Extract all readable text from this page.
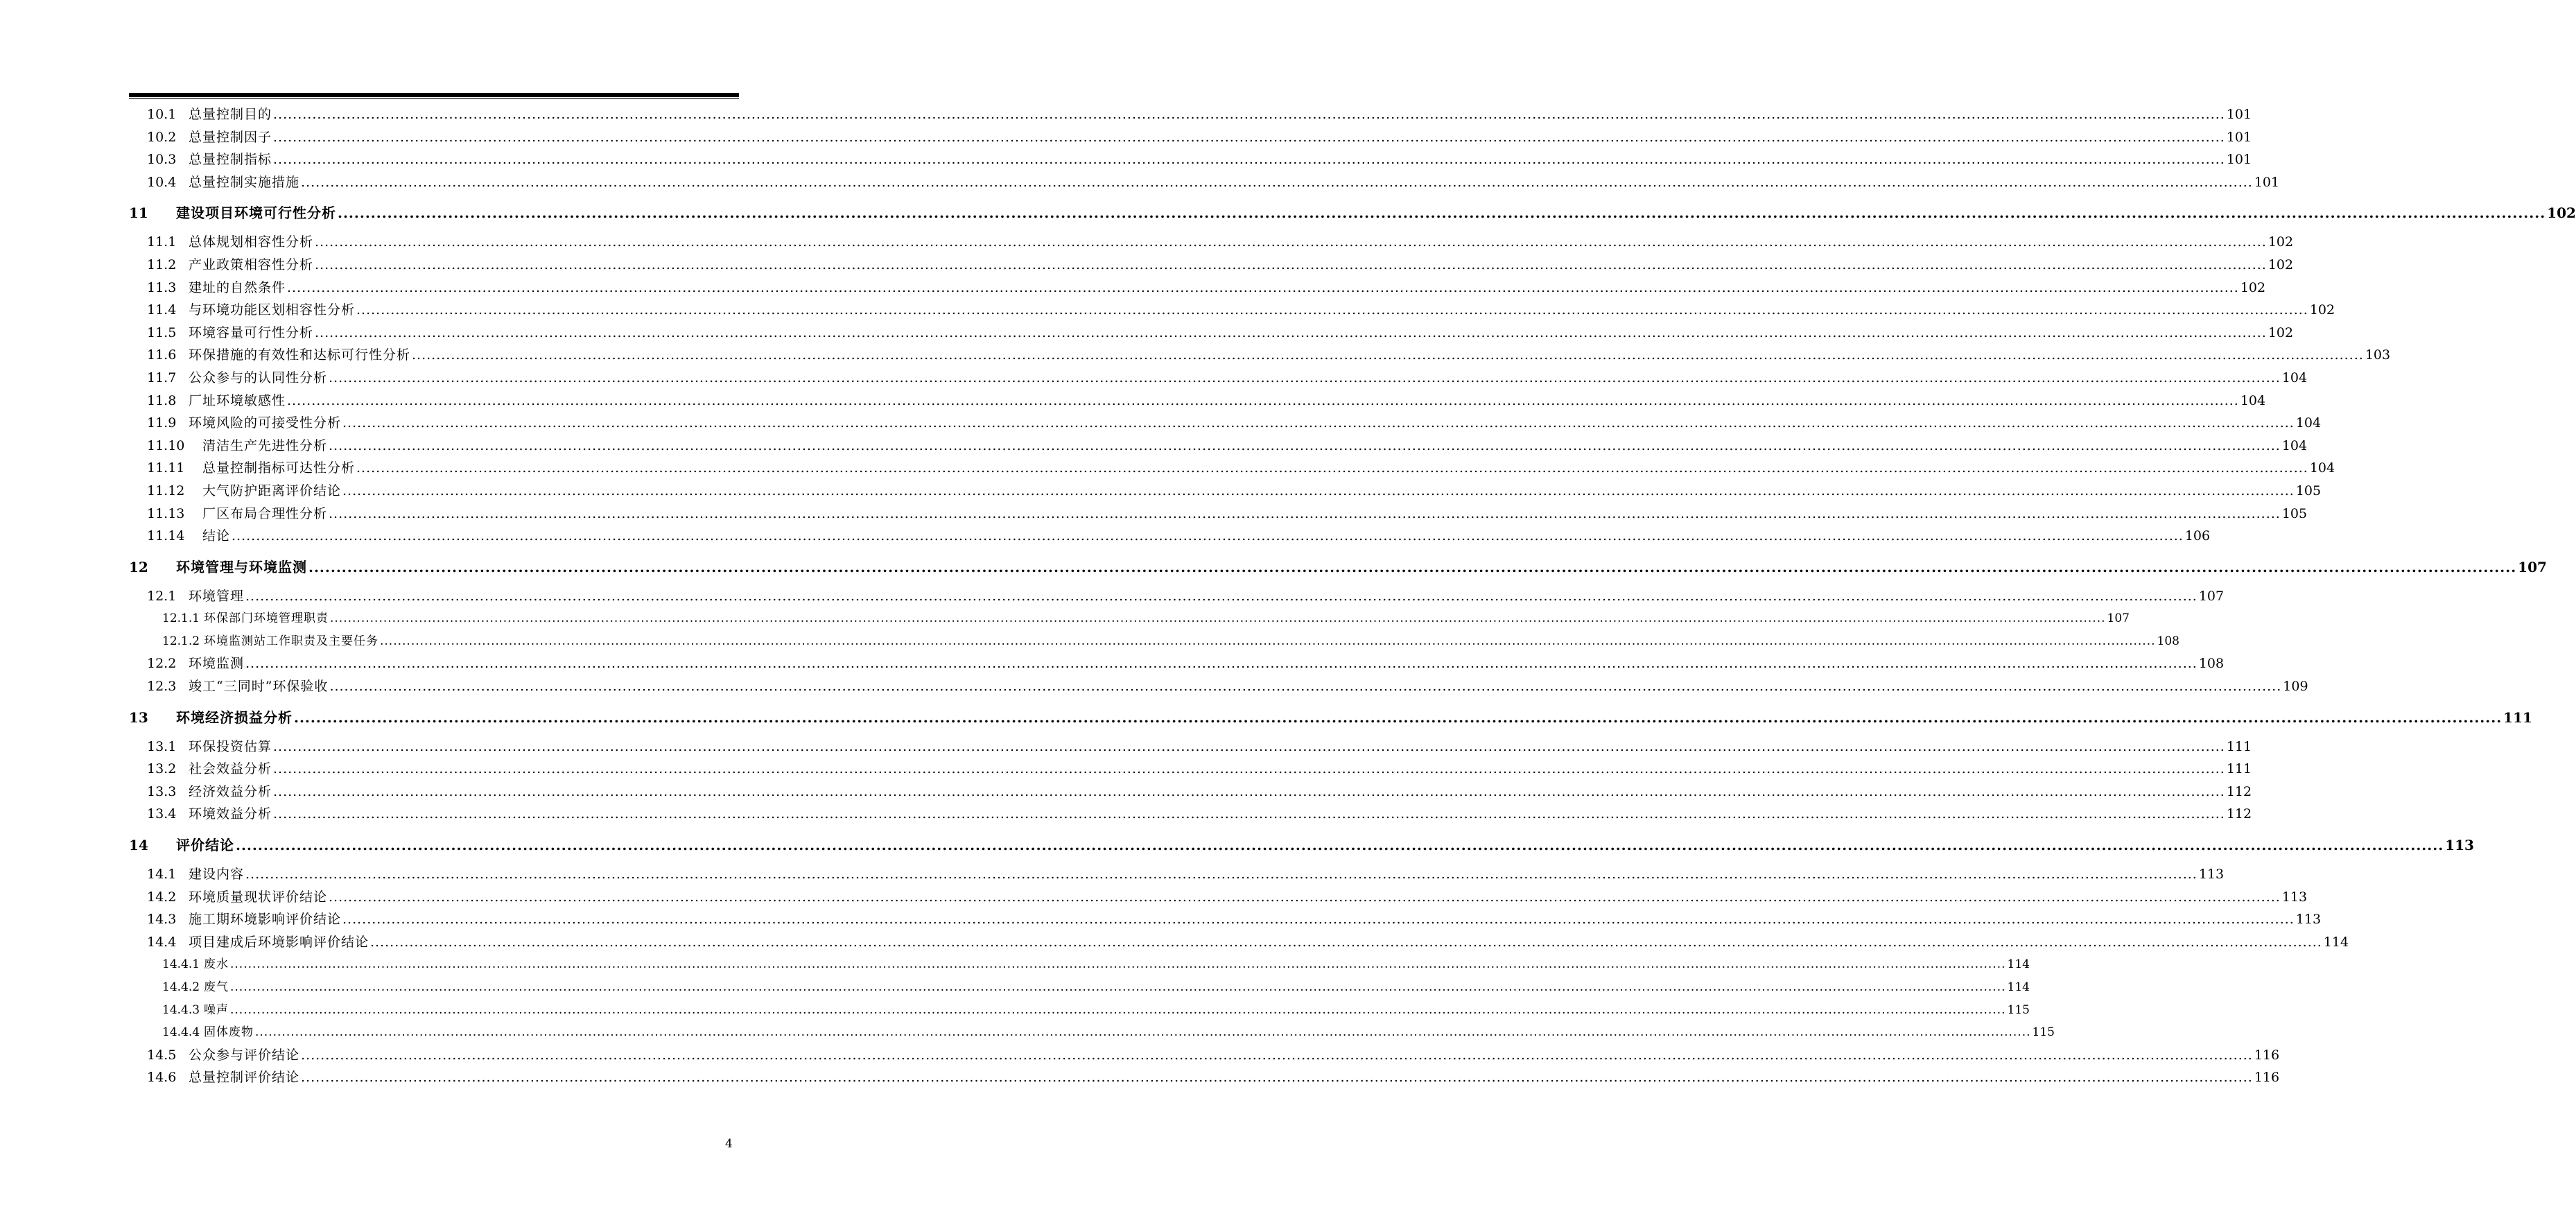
10.1 总量控制目的 ................................................................................................................................................................................................................................................................................................................................................................................................................ 101
10.2 总量控制因子 ................................................................................................................................................................................................................................................................................................................................................................................................................ 101
10.3 总量控制指标 ................................................................................................................................................................................................................................................................................................................................................................................................................ 101
10.4 总量控制实施措施 ................................................................................................................................................................................................................................................................................................................................................................................................................ 101
11	建设项目环境可行性分析 ................................................................................................................................................................................................................................................................................................................................................................................................................ 102
11.1 总体规划相容性分析 ................................................................................................................................................................................................................................................................................................................................................................................................................ 102
11.2 产业政策相容性分析 ................................................................................................................................................................................................................................................................................................................................................................................................................ 102
11.3 建址的自然条件 ................................................................................................................................................................................................................................................................................................................................................................................................................ 102
11.4 与环境功能区划相容性分析 ................................................................................................................................................................................................................................................................................................................................................................................................................ 102
11.5 环境容量可行性分析 ................................................................................................................................................................................................................................................................................................................................................................................................................ 102
11.6 环保措施的有效性和达标可行性分析 ................................................................................................................................................................................................................................................................................................................................................................................................................ 103
11.7 公众参与的认同性分析 ................................................................................................................................................................................................................................................................................................................................................................................................................ 104
11.8 厂址环境敏感性 ................................................................................................................................................................................................................................................................................................................................................................................................................ 104
11.9 环境风险的可接受性分析 ................................................................................................................................................................................................................................................................................................................................................................................................................ 104
11.10	清洁生产先进性分析 ................................................................................................................................................................................................................................................................................................................................................................................................................ 104
11.11	总量控制指标可达性分析 ................................................................................................................................................................................................................................................................................................................................................................................................................ 104
11.12	大气防护距离评价结论 ................................................................................................................................................................................................................................................................................................................................................................................................................ 105
11.13	厂区布局合理性分析 ................................................................................................................................................................................................................................................................................................................................................................................................................ 105
11.14	结论 ................................................................................................................................................................................................................................................................................................................................................................................................................ 106
12	环境管理与环境监测 ................................................................................................................................................................................................................................................................................................................................................................................................................ 107
12.1 环境管理 ................................................................................................................................................................................................................................................................................................................................................................................................................ 107
12.1.1 环保部门环境管理职责 ................................................................................................................................................................................................................................................................................................................................................................................................................ 107
12.1.2 环境监测站工作职责及主要任务 ................................................................................................................................................................................................................................................................................................................................................................................................................ 108
12.2 环境监测 ................................................................................................................................................................................................................................................................................................................................................................................................................ 108
12.3 竣工“三同时”环保验收 ................................................................................................................................................................................................................................................................................................................................................................................................................ 109
13	环境经济损益分析 ................................................................................................................................................................................................................................................................................................................................................................................................................ 111
13.1 环保投资估算 ................................................................................................................................................................................................................................................................................................................................................................................................................ 111
13.2 社会效益分析 ................................................................................................................................................................................................................................................................................................................................................................................................................ 111
13.3 经济效益分析 ................................................................................................................................................................................................................................................................................................................................................................................................................ 112
13.4 环境效益分析 ................................................................................................................................................................................................................................................................................................................................................................................................................ 112
14	评价结论 ................................................................................................................................................................................................................................................................................................................................................................................................................ 113
14.1 建设内容 ................................................................................................................................................................................................................................................................................................................................................................................................................ 113
14.2 环境质量现状评价结论 ................................................................................................................................................................................................................................................................................................................................................................................................................ 113
14.3 施工期环境影响评价结论 ................................................................................................................................................................................................................................................................................................................................................................................................................ 113
14.4 项目建成后环境影响评价结论 ................................................................................................................................................................................................................................................................................................................................................................................................................ 114
14.4.1 废水 ................................................................................................................................................................................................................................................................................................................................................................................................................ 114
14.4.2 废气 ................................................................................................................................................................................................................................................................................................................................................................................................................ 114
14.4.3 噪声 ................................................................................................................................................................................................................................................................................................................................................................................................................ 115
14.4.4 固体废物 ................................................................................................................................................................................................................................................................................................................................................................................................................ 115
14.5 公众参与评价结论 ................................................................................................................................................................................................................................................................................................................................................................................................................ 116
14.6 总量控制评价结论 ................................................................................................................................................................................................................................................................................................................................................................................................................ 116
4
